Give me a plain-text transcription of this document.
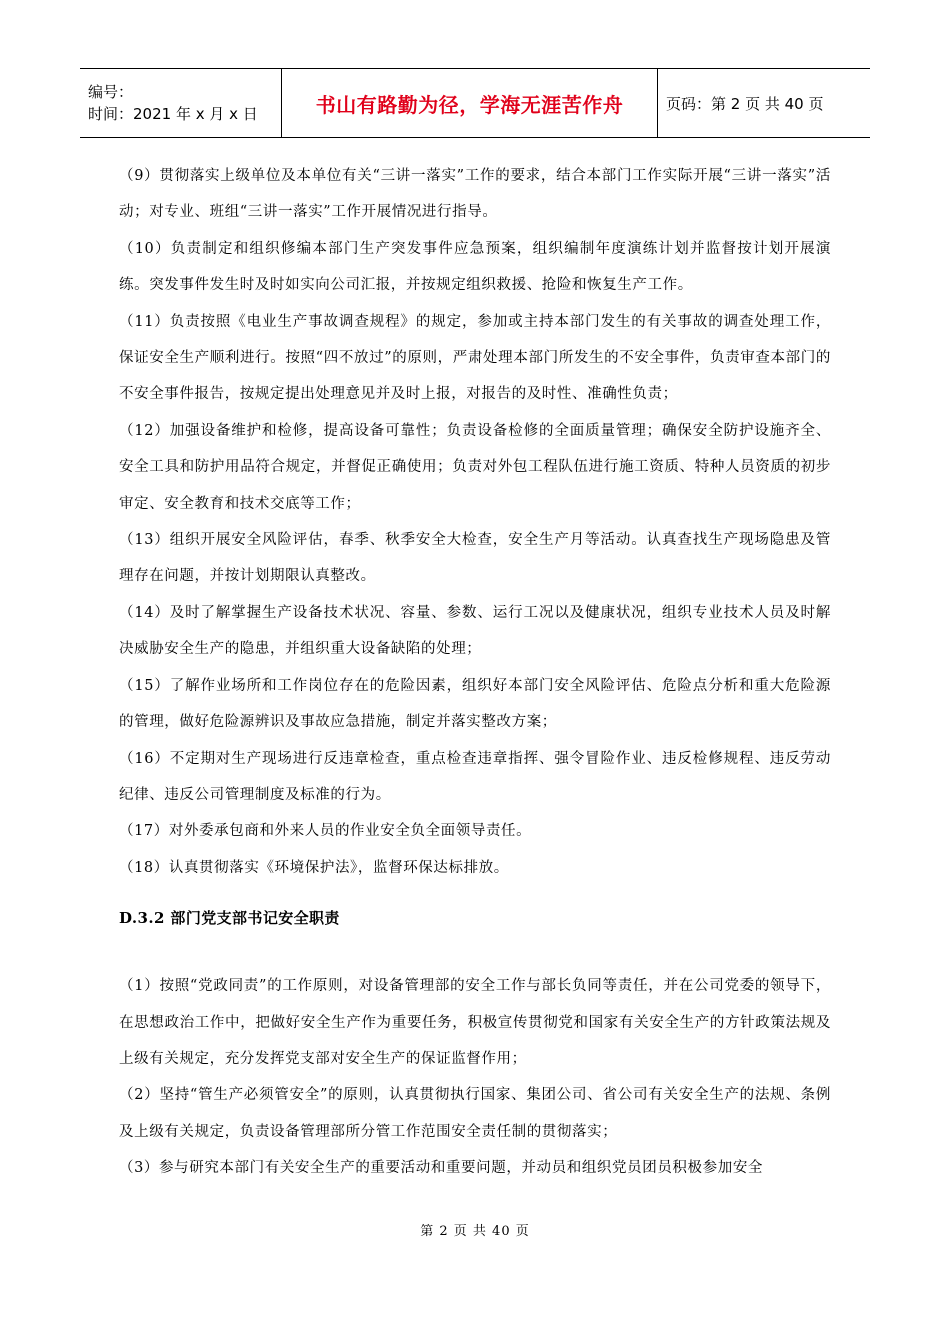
编号：
时间：2021 年 x 月 x 日	书山有路勤为径，学海无涯苦作舟	页码：第 2 页 共 40 页

（9）贯彻落实上级单位及本单位有关“三讲一落实”工作的要求，结合本部门工作实际开展“三讲一落实”活动；对专业、班组“三讲一落实”工作开展情况进行指导。

（10）负责制定和组织修编本部门生产突发事件应急预案，组织编制年度演练计划并监督按计划开展演练。突发事件发生时及时如实向公司汇报，并按规定组织救援、抢险和恢复生产工作。

（11）负责按照《电业生产事故调查规程》的规定，参加或主持本部门发生的有关事故的调查处理工作，保证安全生产顺利进行。按照“四不放过”的原则，严肃处理本部门所发生的不安全事件，负责审查本部门的不安全事件报告，按规定提出处理意见并及时上报，对报告的及时性、准确性负责；

（12）加强设备维护和检修，提高设备可靠性；负责设备检修的全面质量管理；确保安全防护设施齐全、安全工具和防护用品符合规定，并督促正确使用；负责对外包工程队伍进行施工资质、特种人员资质的初步审定、安全教育和技术交底等工作；

（13）组织开展安全风险评估，春季、秋季安全大检查，安全生产月等活动。认真查找生产现场隐患及管理存在问题，并按计划期限认真整改。

（14）及时了解掌握生产设备技术状况、容量、参数、运行工况以及健康状况，组织专业技术人员及时解决威胁安全生产的隐患，并组织重大设备缺陷的处理；

（15）了解作业场所和工作岗位存在的危险因素，组织好本部门安全风险评估、危险点分析和重大危险源的管理，做好危险源辨识及事故应急措施，制定并落实整改方案；

（16）不定期对生产现场进行反违章检查，重点检查违章指挥、强令冒险作业、违反检修规程、违反劳动纪律、违反公司管理制度及标准的行为。

（17）对外委承包商和外来人员的作业安全负全面领导责任。

（18）认真贯彻落实《环境保护法》，监督环保达标排放。

D.3.2 部门党支部书记安全职责

（1）按照“党政同责”的工作原则，对设备管理部的安全工作与部长负同等责任，并在公司党委的领导下，在思想政治工作中，把做好安全生产作为重要任务，积极宣传贯彻党和国家有关安全生产的方针政策法规及上级有关规定，充分发挥党支部对安全生产的保证监督作用；

（2）坚持“管生产必须管安全”的原则，认真贯彻执行国家、集团公司、省公司有关安全生产的法规、条例及上级有关规定，负责设备管理部所分管工作范围安全责任制的贯彻落实；

（3）参与研究本部门有关安全生产的重要活动和重要问题，并动员和组织党员团员积极参加安全

第 2 页 共 40 页
